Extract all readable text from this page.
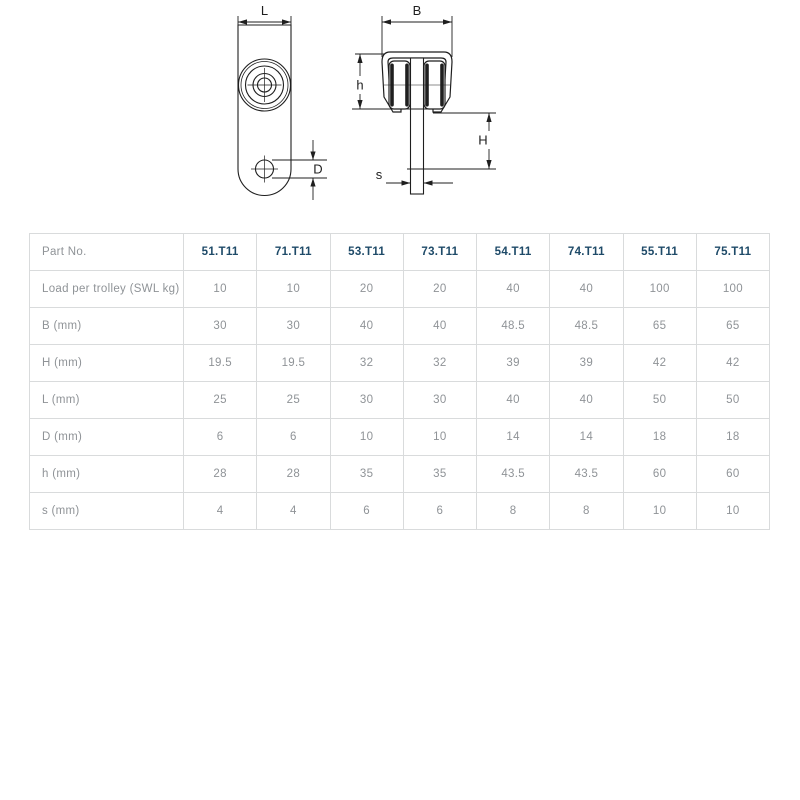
L
D
B
h
H
s
Part No.	51.T11	71.T11	53.T11	73.T11	54.T11	74.T11	55.T11	75.T11
Load per trolley (SWL kg)	10	10	20	20	40	40	100	100
B (mm)	30	30	40	40	48.5	48.5	65	65
H (mm)	19.5	19.5	32	32	39	39	42	42
L (mm)	25	25	30	30	40	40	50	50
D (mm)	6	6	10	10	14	14	18	18
h (mm)	28	28	35	35	43.5	43.5	60	60
s (mm)	4	4	6	6	8	8	10	10
